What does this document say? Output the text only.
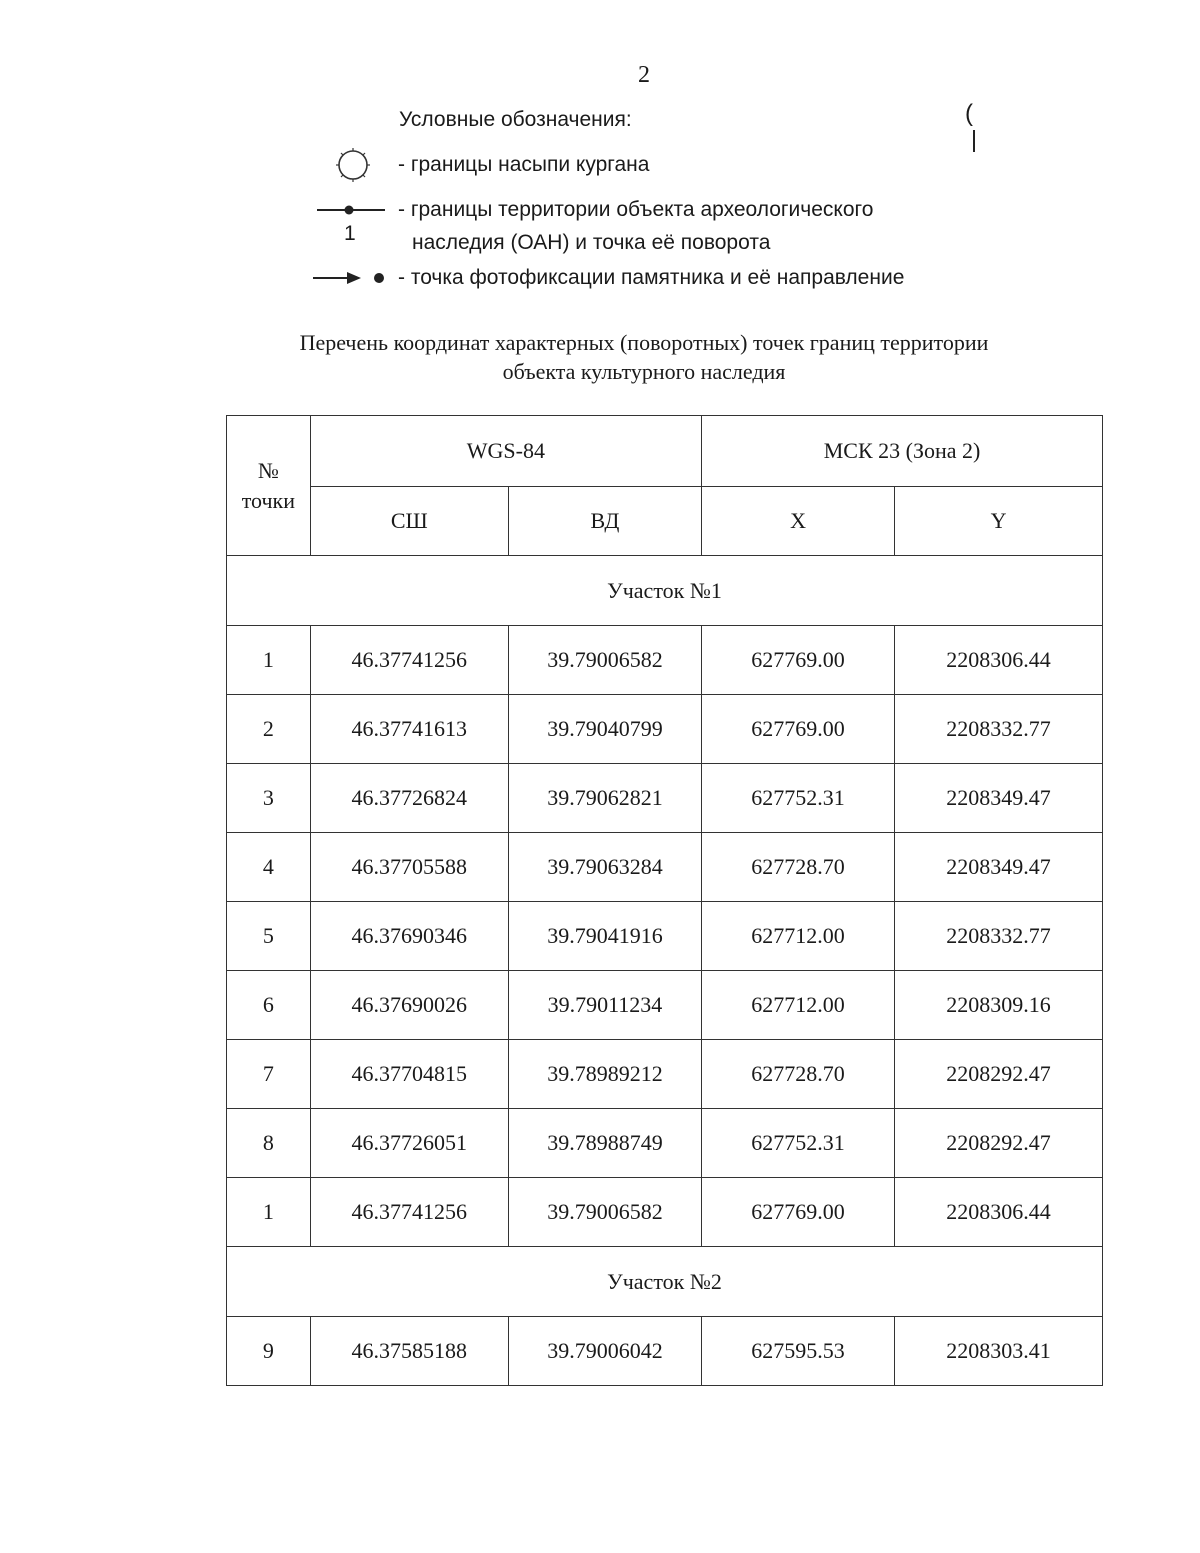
2
Условные обозначения:
- границы насыпи кургана
1
- границы территории объекта археологического
наследия (ОАН) и точка её поворота
- точка фотофиксации памятника и её направление
(
Перечень координат характерных (поворотных) точек границ территории
объекта культурного наследия
№
точки	WGS-84		МСК 23 (Зона 2)	
	СШ	ВД	X	Y
Участок №1				
1	46.37741256	39.79006582	627769.00	2208306.44
2	46.37741613	39.79040799	627769.00	2208332.77
3	46.37726824	39.79062821	627752.31	2208349.47
4	46.37705588	39.79063284	627728.70	2208349.47
5	46.37690346	39.79041916	627712.00	2208332.77
6	46.37690026	39.79011234	627712.00	2208309.16
7	46.37704815	39.78989212	627728.70	2208292.47
8	46.37726051	39.78988749	627752.31	2208292.47
1	46.37741256	39.79006582	627769.00	2208306.44
Участок №2				
9	46.37585188	39.79006042	627595.53	2208303.41
